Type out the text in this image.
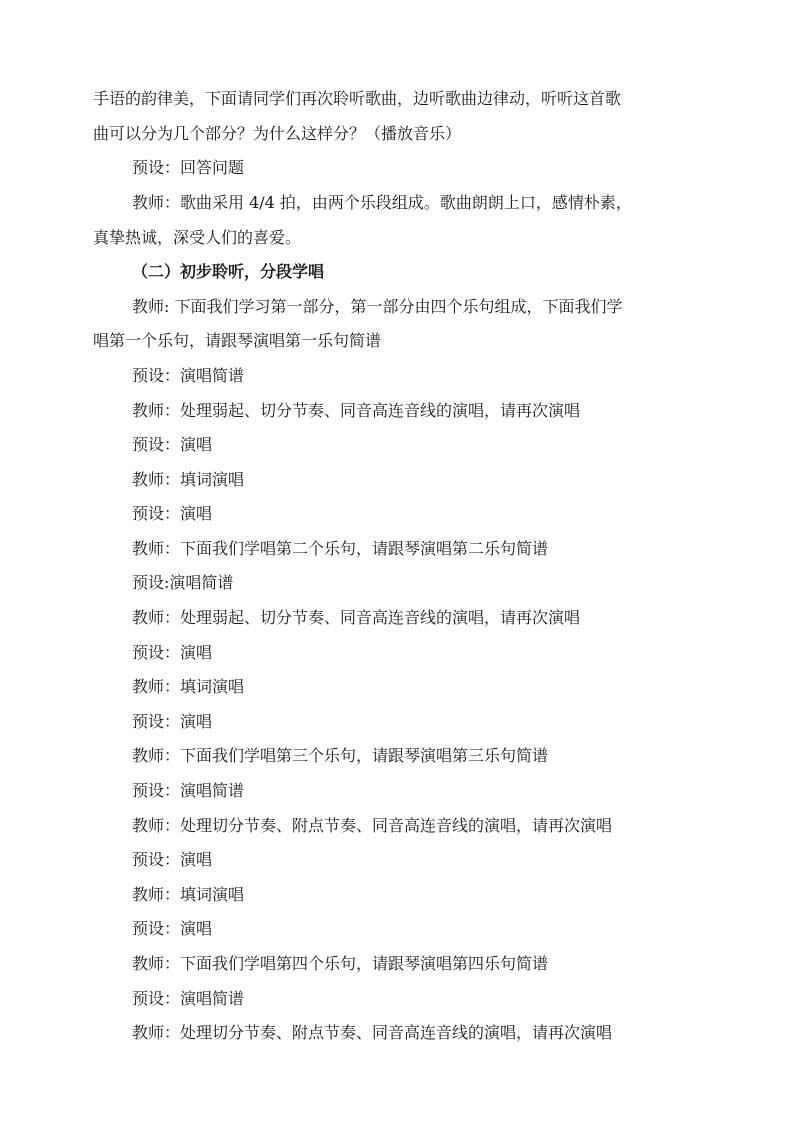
手语的韵律美，下面请同学们再次聆听歌曲，边听歌曲边律动，听听这首歌
曲可以分为几个部分？为什么这样分？（播放音乐）
预设：回答问题
教师：歌曲采用 4/4 拍，由两个乐段组成。歌曲朗朗上口，感情朴素，
真挚热诚，深受人们的喜爱。
（二）初步聆听，分段学唱
教师: 下面我们学习第一部分，第一部分由四个乐句组成，下面我们学
唱第一个乐句，请跟琴演唱第一乐句简谱
预设：演唱简谱
教师：处理弱起、切分节奏、同音高连音线的演唱，请再次演唱
预设：演唱
教师：填词演唱
预设：演唱
教师：下面我们学唱第二个乐句，请跟琴演唱第二乐句简谱
预设:演唱简谱
教师：处理弱起、切分节奏、同音高连音线的演唱，请再次演唱
预设：演唱
教师：填词演唱
预设：演唱
教师：下面我们学唱第三个乐句，请跟琴演唱第三乐句简谱
预设：演唱简谱
教师：处理切分节奏、附点节奏、同音高连音线的演唱，请再次演唱
预设：演唱
教师：填词演唱
预设：演唱
教师：下面我们学唱第四个乐句，请跟琴演唱第四乐句简谱
预设：演唱简谱
教师：处理切分节奏、附点节奏、同音高连音线的演唱，请再次演唱
